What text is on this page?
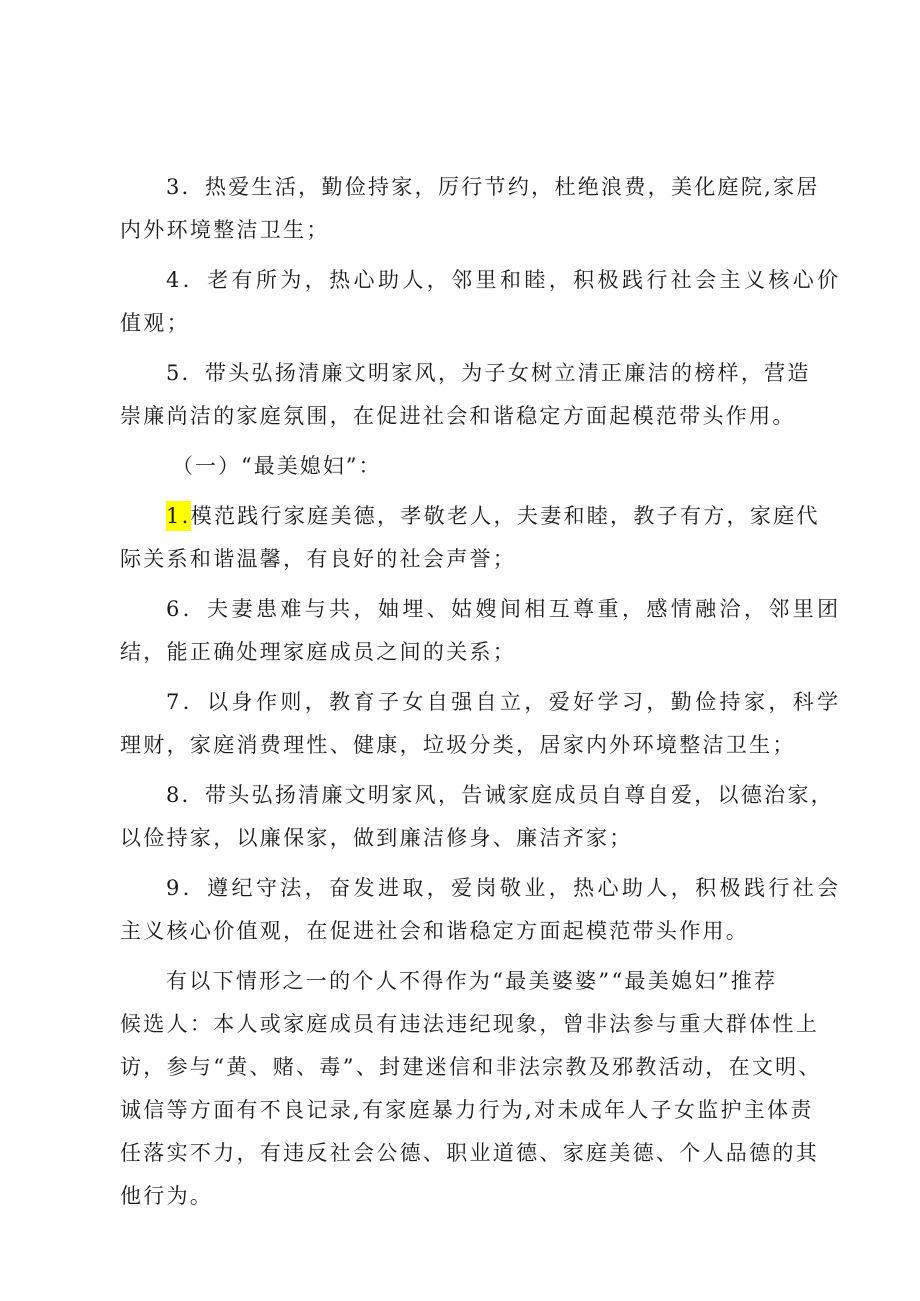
3．热爱生活，勤俭持家，厉行节约，杜绝浪费，美化庭院,家居
内外环境整洁卫生；
4．老有所为，热心助人，邻里和睦，积极践行社会主义核心价
值观；
5．带头弘扬清廉文明家风，为子女树立清正廉洁的榜样，营造
崇廉尚洁的家庭氛围，在促进社会和谐稳定方面起模范带头作用。
（一）“最美媳妇”：
1.模范践行家庭美德，孝敬老人，夫妻和睦，教子有方，家庭代
际关系和谐温馨，有良好的社会声誉；
6．夫妻患难与共，妯埋、姑嫂间相互尊重，感情融洽，邻里团
结，能正确处理家庭成员之间的关系；
7．以身作则，教育子女自强自立，爱好学习，勤俭持家，科学
理财，家庭消费理性、健康，垃圾分类，居家内外环境整洁卫生；
8．带头弘扬清廉文明家风，告诫家庭成员自尊自爱，以德治家，
以俭持家，以廉保家，做到廉洁修身、廉洁齐家；
9．遵纪守法，奋发进取，爱岗敬业，热心助人，积极践行社会
主义核心价值观，在促进社会和谐稳定方面起模范带头作用。
有以下情形之一的个人不得作为“最美婆婆”“最美媳妇”推荐
候选人：本人或家庭成员有违法违纪现象，曾非法参与重大群体性上
访，参与“黄、赌、毒”、封建迷信和非法宗教及邪教活动，在文明、
诚信等方面有不良记录,有家庭暴力行为,对未成年人子女监护主体责
任落实不力，有违反社会公德、职业道德、家庭美德、个人品德的其
他行为。
